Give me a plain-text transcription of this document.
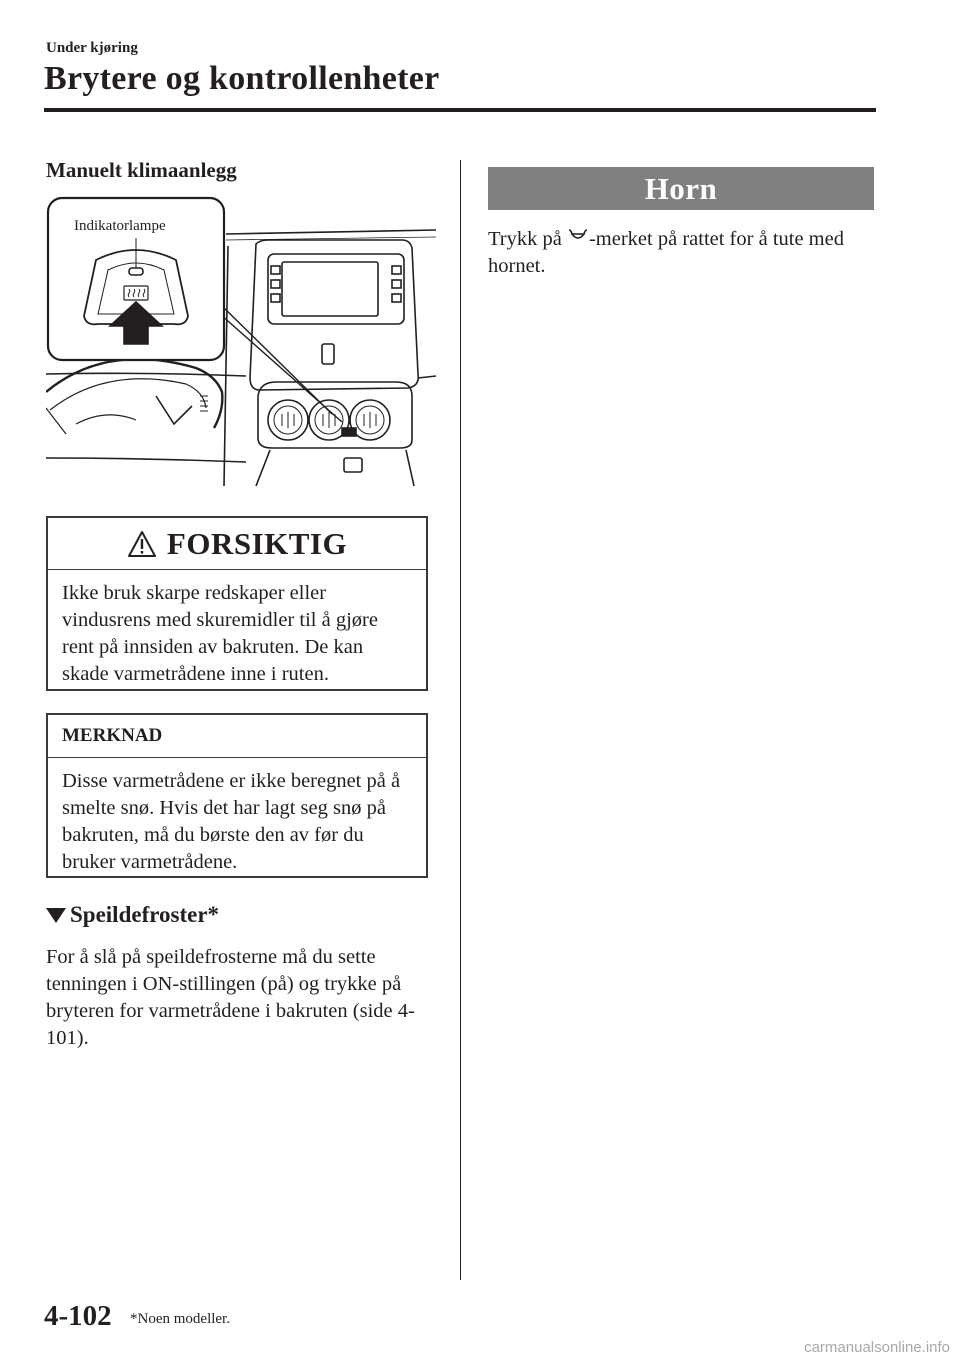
Under kjøring
Brytere og kontrollenheter
Manuelt klimaanlegg
Indikatorlampe
FORSIKTIG
Ikke bruk skarpe redskaper eller vindusrens med skuremidler til å gjøre rent på innsiden av bakruten. De kan skade varmetrådene inne i ruten.
MERKNAD
Disse varmetrådene er ikke beregnet på å smelte snø. Hvis det har lagt seg snø på bakruten, må du børste den av før du bruker varmetrådene.
Speildefroster*
For å slå på speildefrosterne må du sette tenningen i ON-stillingen (på) og trykke på bryteren for varmetrådene i bakruten (side 4-101).
Horn
Trykk på -merket på rattet for å tute med hornet.
4-102 *Noen modeller.
carmanualsonline.info
